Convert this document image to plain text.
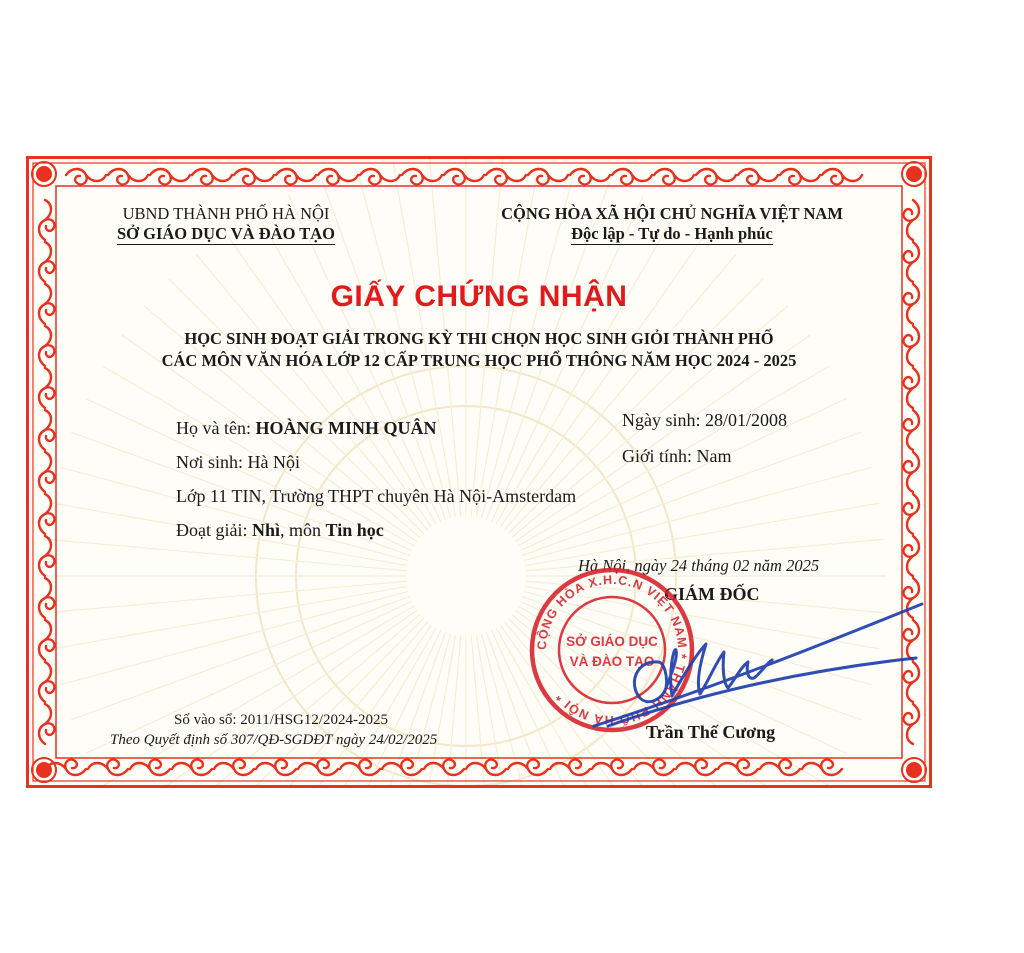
UBND THÀNH PHỐ HÀ NỘI
SỞ GIÁO DỤC VÀ ĐÀO TẠO
CỘNG HÒA XÃ HỘI CHỦ NGHĨA VIỆT NAM
Độc lập - Tự do - Hạnh phúc
GIẤY CHỨNG NHẬN
HỌC SINH ĐOẠT GIẢI TRONG KỲ THI CHỌN HỌC SINH GIỎI THÀNH PHỐ
CÁC MÔN VĂN HÓA LỚP 12 CẤP TRUNG HỌC PHỔ THÔNG NĂM HỌC 2024 - 2025
Họ và tên: HOÀNG MINH QUÂN	Ngày sinh: 28/01/2008
Nơi sinh: Hà Nội	Giới tính: Nam
Lớp 11 TIN, Trường THPT chuyên Hà Nội-Amsterdam
Đoạt giải: Nhì, môn Tin học
Hà Nội, ngày 24 tháng 02 năm 2025
GIÁM ĐỐC
CỘNG HÒA X.H.C.N VIỆT NAM * THÀNH PHỐ HÀ NỘI *
SỞ GIÁO DỤC
VÀ ĐÀO TẠO
Trần Thế Cương
Số vào sổ: 2011/HSG12/2024-2025
Theo Quyết định số 307/QĐ-SGDĐT ngày 24/02/2025
